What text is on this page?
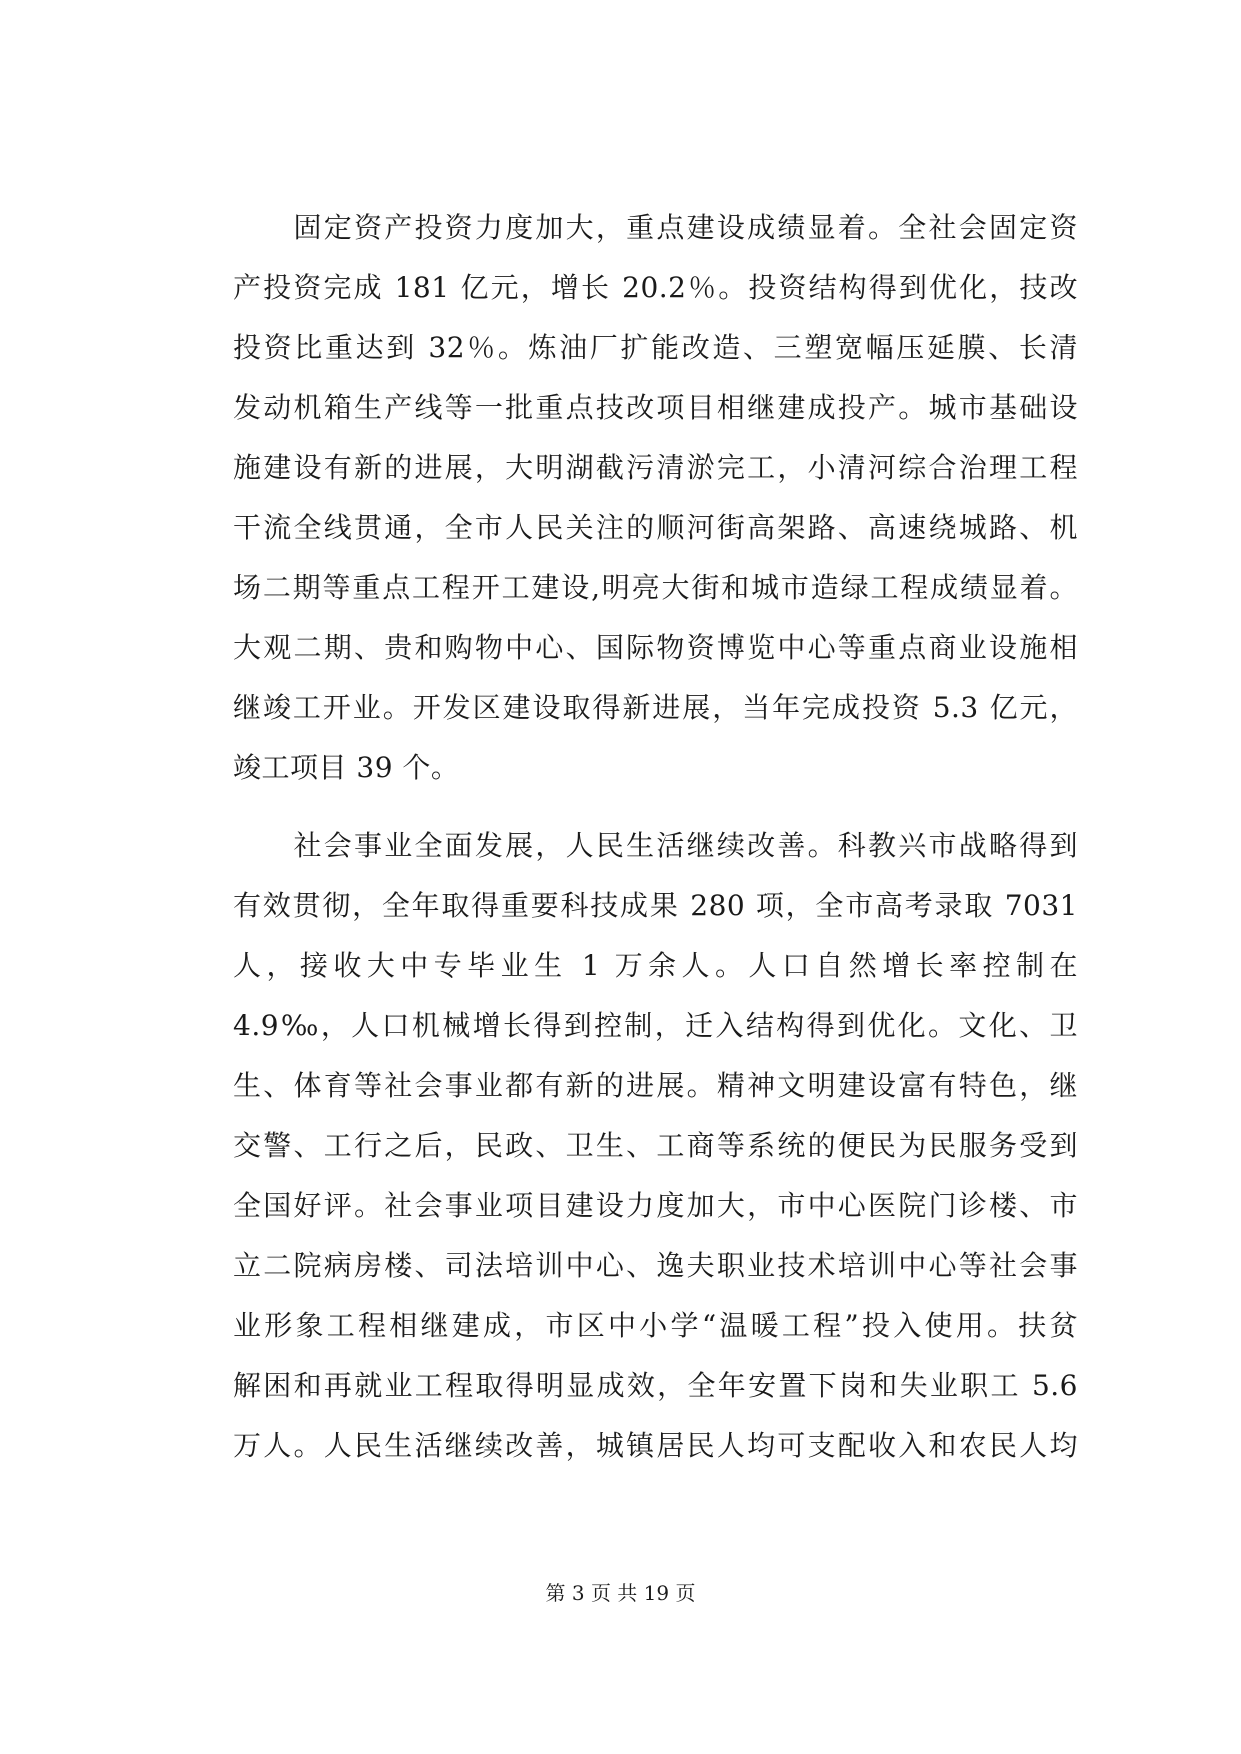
　　固定资产投资力度加大，重点建设成绩显着。全社会固定资
产投资完成 181 亿元，增长 20.2％。投资结构得到优化，技改
投资比重达到 32％。炼油厂扩能改造、三塑宽幅压延膜、长清
发动机箱生产线等一批重点技改项目相继建成投产。城市基础设
施建设有新的进展，大明湖截污清淤完工，小清河综合治理工程
干流全线贯通，全市人民关注的顺河街高架路、高速绕城路、机
场二期等重点工程开工建设,明亮大街和城市造绿工程成绩显着。
大观二期、贵和购物中心、国际物资博览中心等重点商业设施相
继竣工开业。开发区建设取得新进展，当年完成投资 5.3 亿元，
竣工项目 39 个。
　　社会事业全面发展，人民生活继续改善。科教兴市战略得到
有效贯彻，全年取得重要科技成果 280 项，全市高考录取 7031
人，接收大中专毕业生 1 万余人。人口自然增长率控制在
4.9‰，人口机械增长得到控制，迁入结构得到优化。文化、卫
生、体育等社会事业都有新的进展。精神文明建设富有特色，继
交警、工行之后，民政、卫生、工商等系统的便民为民服务受到
全国好评。社会事业项目建设力度加大，市中心医院门诊楼、市
立二院病房楼、司法培训中心、逸夫职业技术培训中心等社会事
业形象工程相继建成，市区中小学“温暖工程”投入使用。扶贫
解困和再就业工程取得明显成效，全年安置下岗和失业职工 5.6
万人。人民生活继续改善，城镇居民人均可支配收入和农民人均
第 3 页 共 19 页
